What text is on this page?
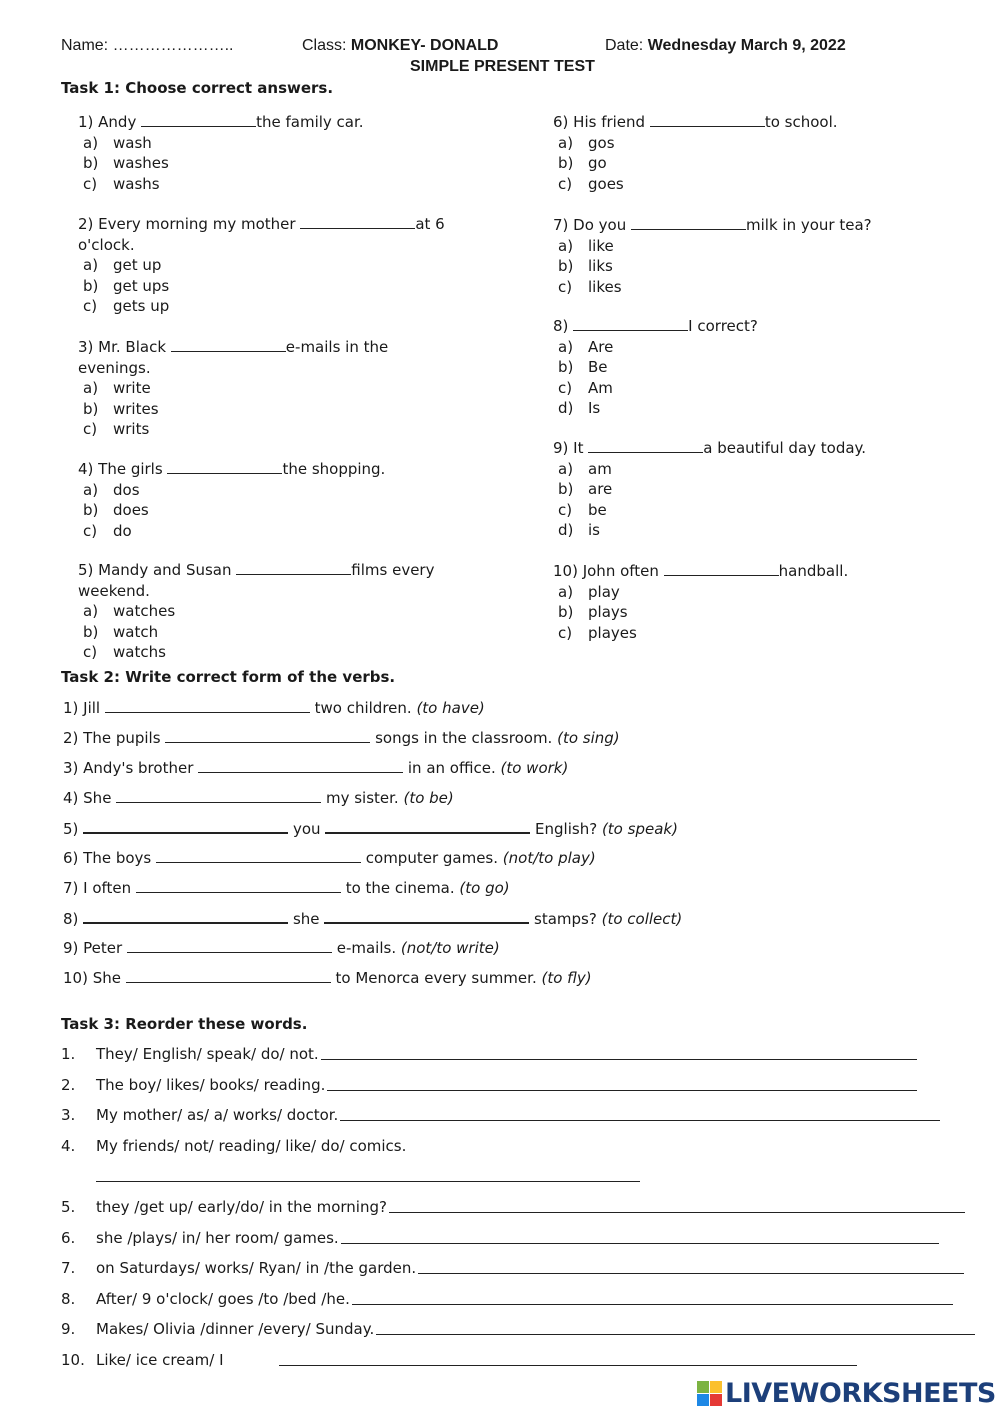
Name: …………………..	Class: MONKEY- DONALD	Date: Wednesday March 9, 2022
SIMPLE PRESENT TEST
Task 1: Choose correct answers.
1) Andy	the family car.
a) wash
b) washes
c) washs
2) Every morning my mother	at 6
o'clock.
a) get up
b) get ups
c) gets up
3) Mr. Black	e-mails in the
evenings.
a) write
b) writes
c) writs
4) The girls	the shopping.
a) dos
b) does
c) do
5) Mandy and Susan	films every
weekend.
a) watches
b) watch
c) watchs
6) His friend	to school.
a) gos
b) go
c) goes
7) Do you	milk in your tea?
a) like
b) liks
c) likes
8)	I correct?
a) Are
b) Be
c) Am
d) Is
9) It	a beautiful day today.
a) am
b) are
c) be
d) is
10) John often	handball.
a) play
b) plays
c) playes
Task 2: Write correct form of the verbs.
1) Jill	two children. (to have)
2) The pupils	songs in the classroom. (to sing)
3) Andy's brother	in an office. (to work)
4) She	my sister. (to be)
5)	you	English? (to speak)
6) The boys	computer games. (not/to play)
7) I often	to the cinema. (to go)
8)	she	stamps? (to collect)
9) Peter	e-mails. (not/to write)
10) She	to Menorca every summer. (to fly)
Task 3: Reorder these words.
1. They/ English/ speak/ do/ not.
2. The boy/ likes/ books/ reading.
3. My mother/ as/ a/ works/ doctor.
4. My friends/ not/ reading/ like/ do/ comics.
5. they /get up/ early/do/ in the morning?
6. she /plays/ in/ her room/ games.
7. on Saturdays/ works/ Ryan/ in /the garden.
8. After/ 9 o'clock/ goes /to /bed /he.
9. Makes/ Olivia /dinner /every/ Sunday.
10. Like/ ice cream/ I
LIVEWORKSHEETS
